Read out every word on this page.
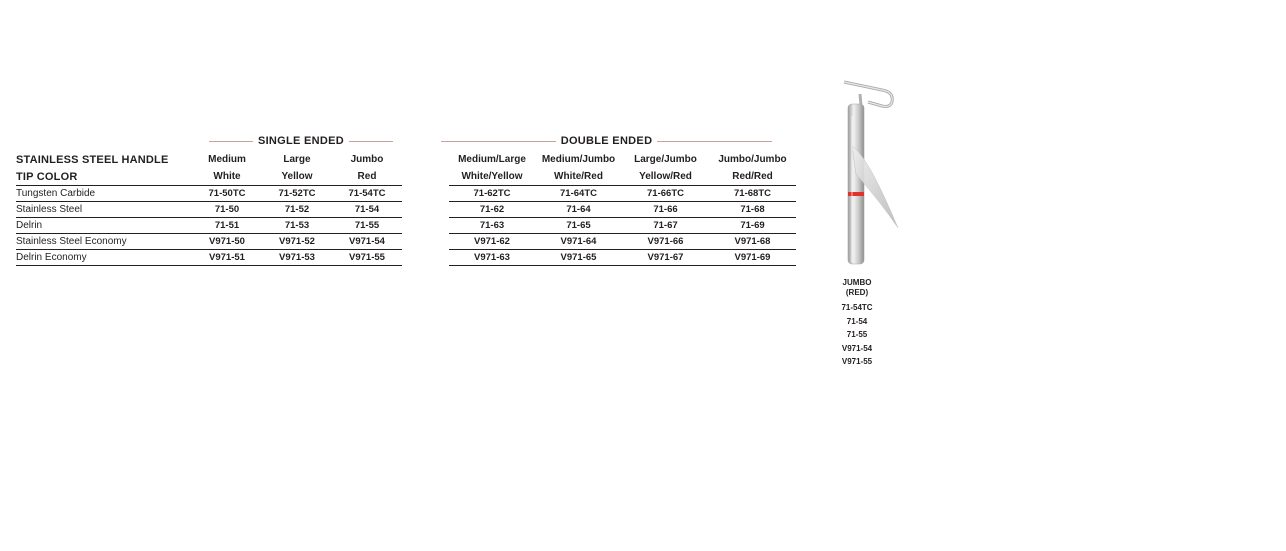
SINGLE ENDED	DOUBLE ENDED
STAINLESS STEEL HANDLE	Medium	Large	Jumbo		Medium/Large	Medium/Jumbo	Large/Jumbo	Jumbo/Jumbo
TIP COLOR	White	Yellow	Red		White/Yellow	White/Red	Yellow/Red	Red/Red
Tungsten Carbide	71-50TC	71-52TC	71-54TC		71-62TC	71-64TC	71-66TC	71-68TC
Stainless Steel	71-50	71-52	71-54		71-62	71-64	71-66	71-68
Delrin	71-51	71-53	71-55		71-63	71-65	71-67	71-69
Stainless Steel Economy	V971-50	V971-52	V971-54		V971-62	V971-64	V971-66	V971-68
Delrin Economy	V971-51	V971-53	V971-55		V971-63	V971-65	V971-67	V971-69
JUMBO
(RED)
71-54TC
71-54
71-55
V971-54
V971-55
